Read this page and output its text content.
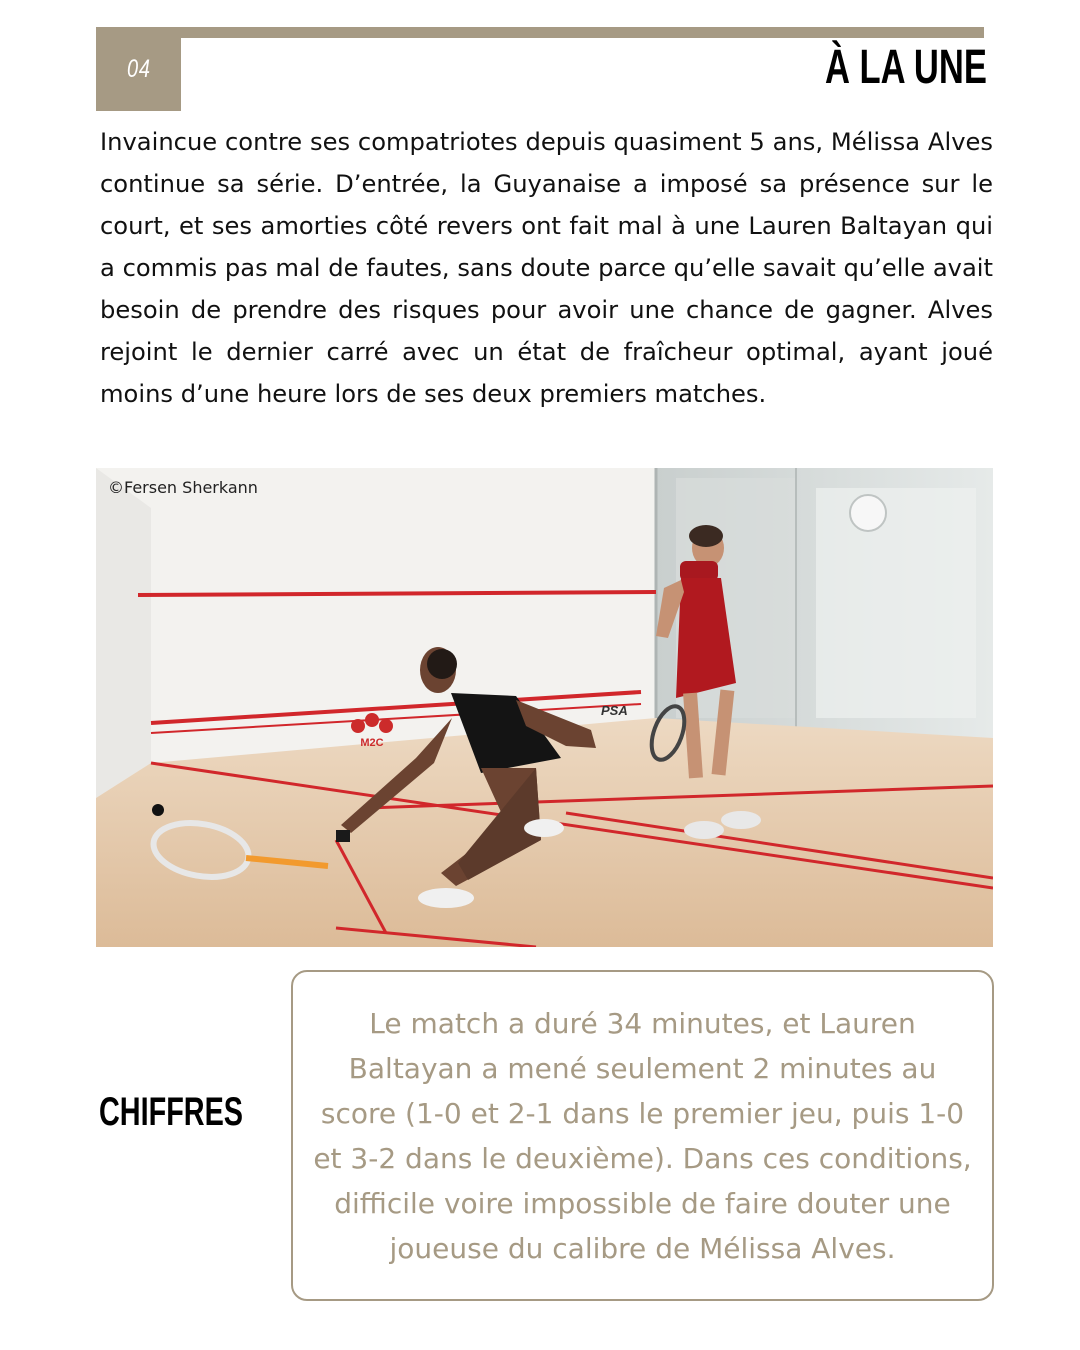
04	À LA UNE

Invaincue contre ses compatriotes depuis quasiment 5 ans, Mélissa Alves continue sa série. D’entrée, la Guyanaise a imposé sa présence sur le court, et ses amorties côté revers ont fait mal à une Lauren Baltayan qui a commis pas mal de fautes, sans doute parce qu’elle savait qu’elle avait besoin de prendre des risques pour avoir une chance de gagner. Alves rejoint le dernier carré avec un état de fraîcheur optimal, ayant joué moins d’une heure lors de ses deux premiers matches.

M2C
PSA
©Fersen Sherkann
CHIFFRES

Le match a duré 34 minutes, et Lauren Baltayan a mené seulement 2 minutes au score (1-0 et 2-1 dans le premier jeu, puis 1-0 et 3-2 dans le deuxième). Dans ces conditions, difficile voire impossible de faire douter une joueuse du calibre de Mélissa Alves.
